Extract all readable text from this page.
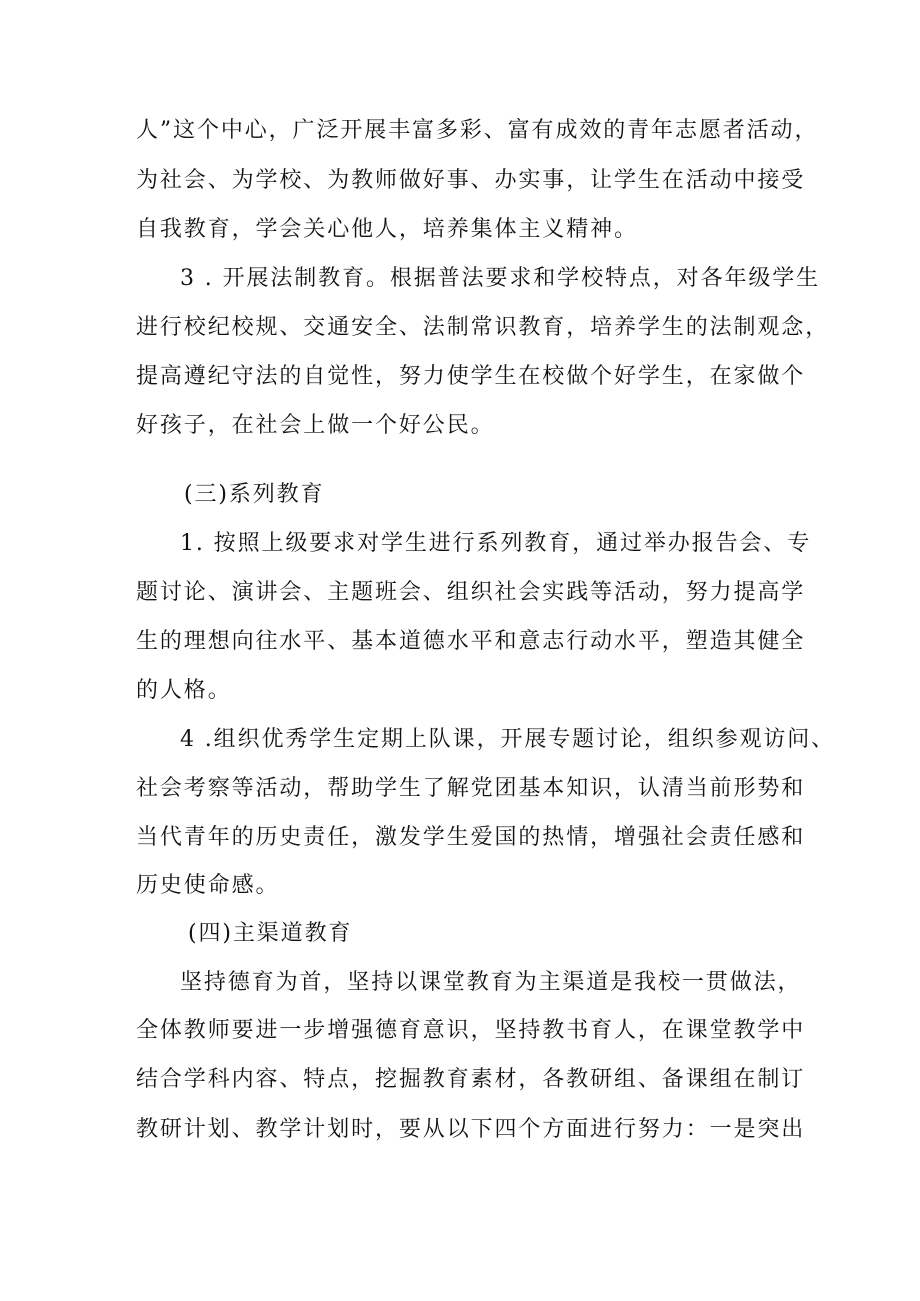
人”这个中心，广泛开展丰富多彩、富有成效的青年志愿者活动，
为社会、为学校、为教师做好事、办实事，让学生在活动中接受
自我教育，学会关心他人，培养集体主义精神。
3 . 开展法制教育。根据普法要求和学校特点，对各年级学生
进行校纪校规、交通安全、法制常识教育，培养学生的法制观念，
提高遵纪守法的自觉性，努力使学生在校做个好学生，在家做个
好孩子，在社会上做一个好公民。
(三)系列教育
1. 按照上级要求对学生进行系列教育，通过举办报告会、专
题讨论、演讲会、主题班会、组织社会实践等活动，努力提高学
生的理想向往水平、基本道德水平和意志行动水平，塑造其健全
的人格。
4 .组织优秀学生定期上队课，开展专题讨论，组织参观访问、
社会考察等活动，帮助学生了解党团基本知识，认清当前形势和
当代青年的历史责任，激发学生爱国的热情，增强社会责任感和
历史使命感。
(四)主渠道教育
坚持德育为首，坚持以课堂教育为主渠道是我校一贯做法，
全体教师要进一步增强德育意识，坚持教书育人，在课堂教学中
结合学科内容、特点，挖掘教育素材，各教研组、备课组在制订
教研计划、教学计划时，要从以下四个方面进行努力：一是突出
